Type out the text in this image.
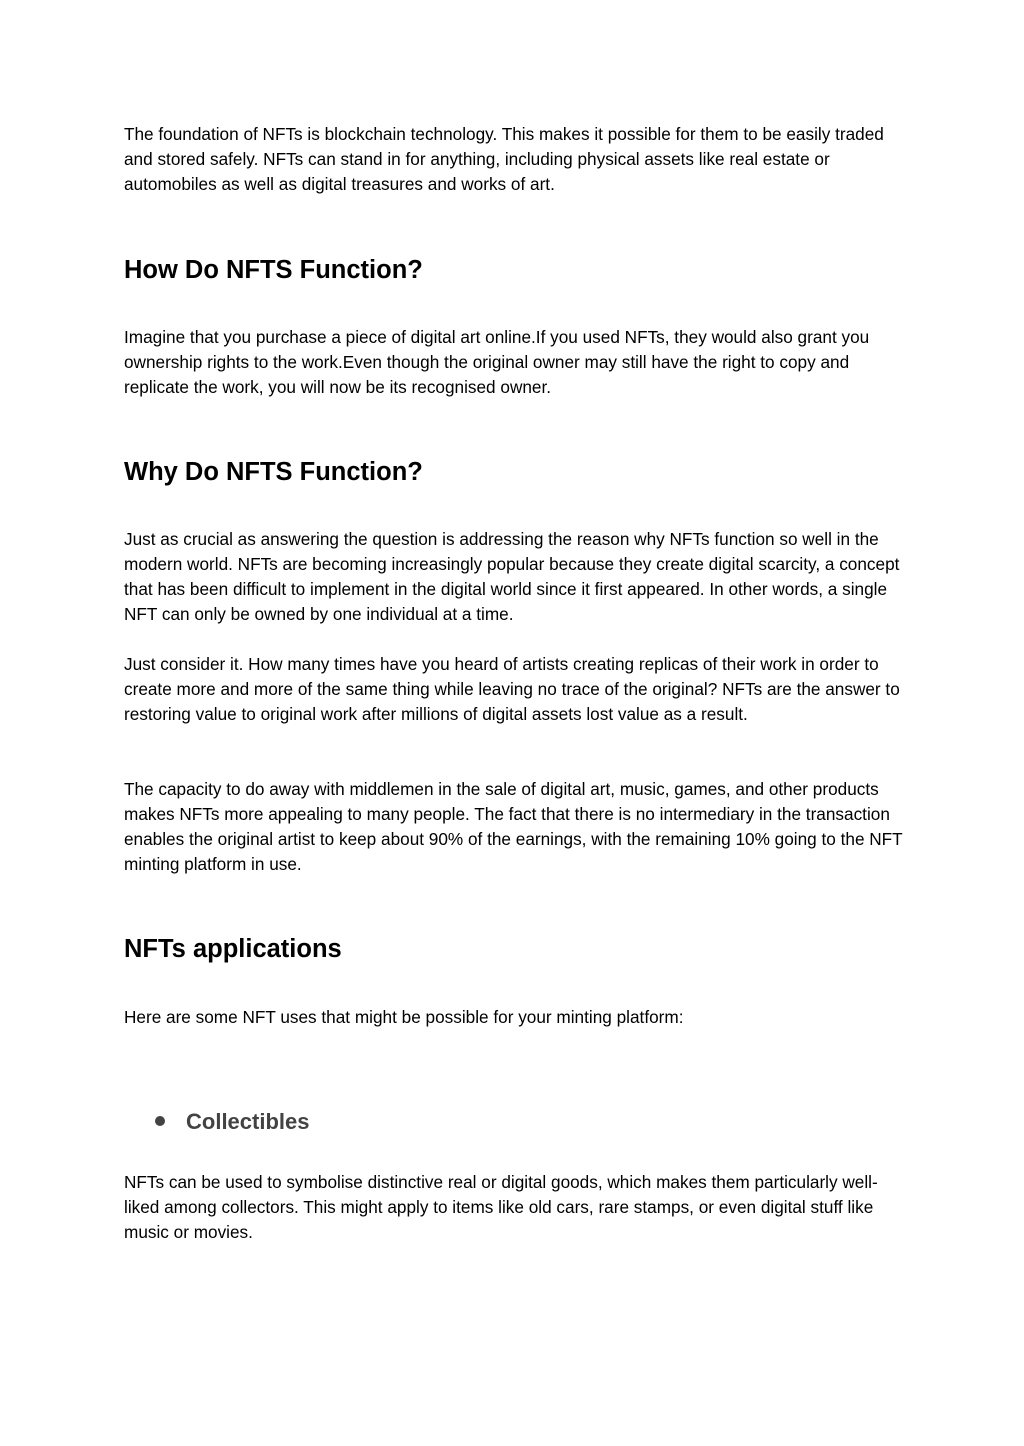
The foundation of NFTs is blockchain technology. This makes it possible for them to be easily traded and stored safely. NFTs can stand in for anything, including physical assets like real estate or automobiles as well as digital treasures and works of art.

How Do NFTS Function?

Imagine that you purchase a piece of digital art online.If you used NFTs, they would also grant you ownership rights to the work.Even though the original owner may still have the right to copy and replicate the work, you will now be its recognised owner.

Why Do NFTS Function?

Just as crucial as answering the question is addressing the reason why NFTs function so well in the modern world. NFTs are becoming increasingly popular because they create digital scarcity, a concept that has been difficult to implement in the digital world since it first appeared. In other words, a single NFT can only be owned by one individual at a time.

Just consider it. How many times have you heard of artists creating replicas of their work in order to create more and more of the same thing while leaving no trace of the original? NFTs are the answer to restoring value to original work after millions of digital assets lost value as a result.

The capacity to do away with middlemen in the sale of digital art, music, games, and other products makes NFTs more appealing to many people. The fact that there is no intermediary in the transaction enables the original artist to keep about 90% of the earnings, with the remaining 10% going to the NFT minting platform in use.

NFTs applications

Here are some NFT uses that might be possible for your minting platform:

Collectibles

NFTs can be used to symbolise distinctive real or digital goods, which makes them particularly well-liked among collectors. This might apply to items like old cars, rare stamps, or even digital stuff like music or movies.
